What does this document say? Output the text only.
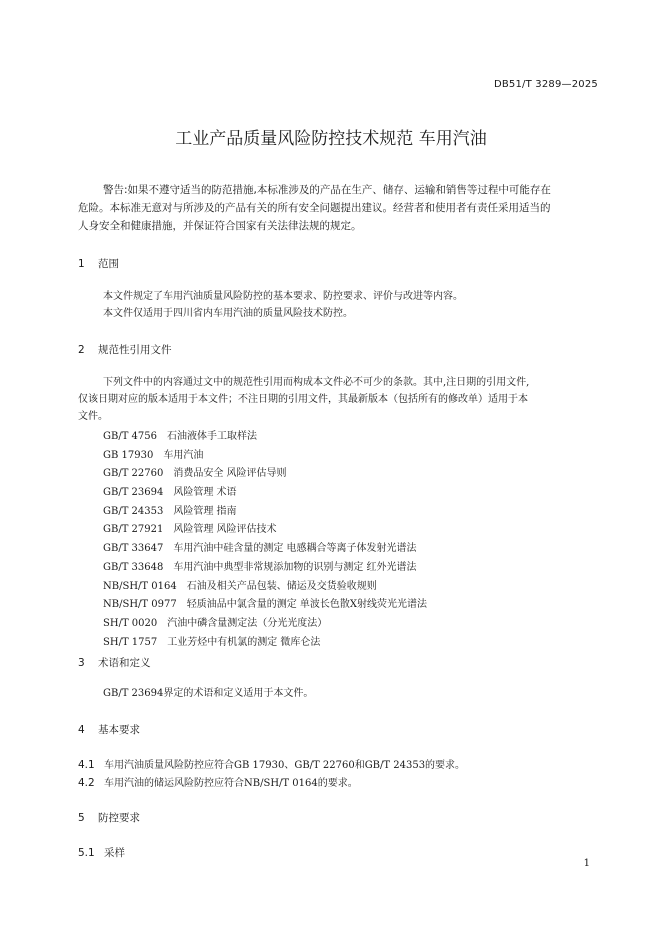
DB51/T 3289—2025
工业产品质量风险防控技术规范 车用汽油
警告:如果不遵守适当的防范措施,本标准涉及的产品在生产、储存、运输和销售等过程中可能存在
危险。本标准无意对与所涉及的产品有关的所有安全问题提出建议。经营者和使用者有责任采用适当的
人身安全和健康措施，并保证符合国家有关法律法规的规定。
1 范围
本文件规定了车用汽油质量风险防控的基本要求、防控要求、评价与改进等内容。
本文件仅适用于四川省内车用汽油的质量风险技术防控。
2 规范性引用文件
下列文件中的内容通过文中的规范性引用而构成本文件必不可少的条款。其中,注日期的引用文件,
仅该日期对应的版本适用于本文件；不注日期的引用文件，其最新版本（包括所有的修改单）适用于本
文件。
GB/T 4756 石油液体手工取样法
GB 17930 车用汽油
GB/T 22760 消费品安全 风险评估导则
GB/T 23694 风险管理 术语
GB/T 24353 风险管理 指南
GB/T 27921 风险管理 风险评估技术
GB/T 33647 车用汽油中硅含量的测定 电感耦合等离子体发射光谱法
GB/T 33648 车用汽油中典型非常规添加物的识别与测定 红外光谱法
NB/SH/T 0164 石油及相关产品包装、储运及交货验收规则
NB/SH/T 0977 轻质油品中氯含量的测定 单波长色散X射线荧光光谱法
SH/T 0020 汽油中磷含量测定法（分光光度法）
SH/T 1757 工业芳烃中有机氯的测定 微库仑法
3 术语和定义
GB/T 23694界定的术语和定义适用于本文件。
4 基本要求
4.1 车用汽油质量风险防控应符合GB 17930、GB/T 22760和GB/T 24353的要求。
4.2 车用汽油的储运风险防控应符合NB/SH/T 0164的要求。
5 防控要求
5.1 采样
1
